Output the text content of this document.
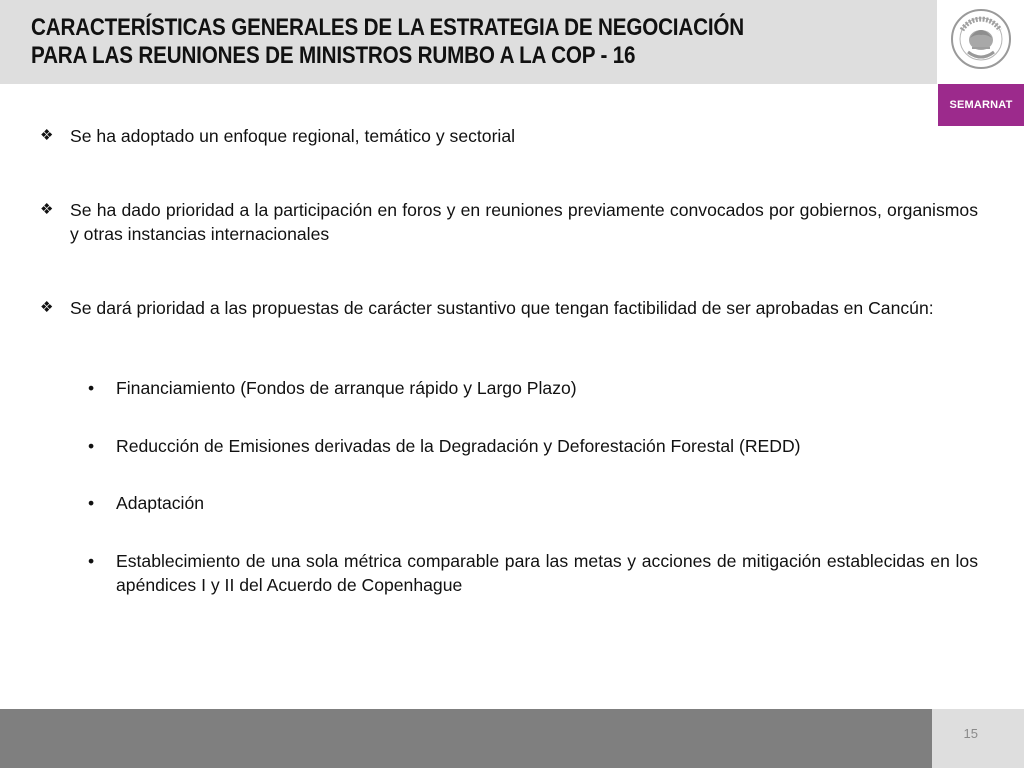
CARACTERÍSTICAS GENERALES DE LA ESTRATEGIA DE NEGOCIACIÓN
PARA LAS REUNIONES DE MINISTROS RUMBO A LA COP - 16
SEMARNAT
❖ Se ha adoptado un enfoque regional, temático y sectorial
❖ Se ha dado prioridad a la participación en foros y en reuniones previamente convocados por gobiernos, organismos y otras instancias internacionales
❖ Se dará prioridad a las propuestas de carácter sustantivo que tengan factibilidad de ser aprobadas en Cancún:
• Financiamiento (Fondos de arranque rápido y Largo Plazo)
• Reducción de Emisiones derivadas de la Degradación y Deforestación Forestal (REDD)
• Adaptación
• Establecimiento de una sola métrica comparable para las metas y acciones de mitigación establecidas en los apéndices I y II del Acuerdo de Copenhague
15
